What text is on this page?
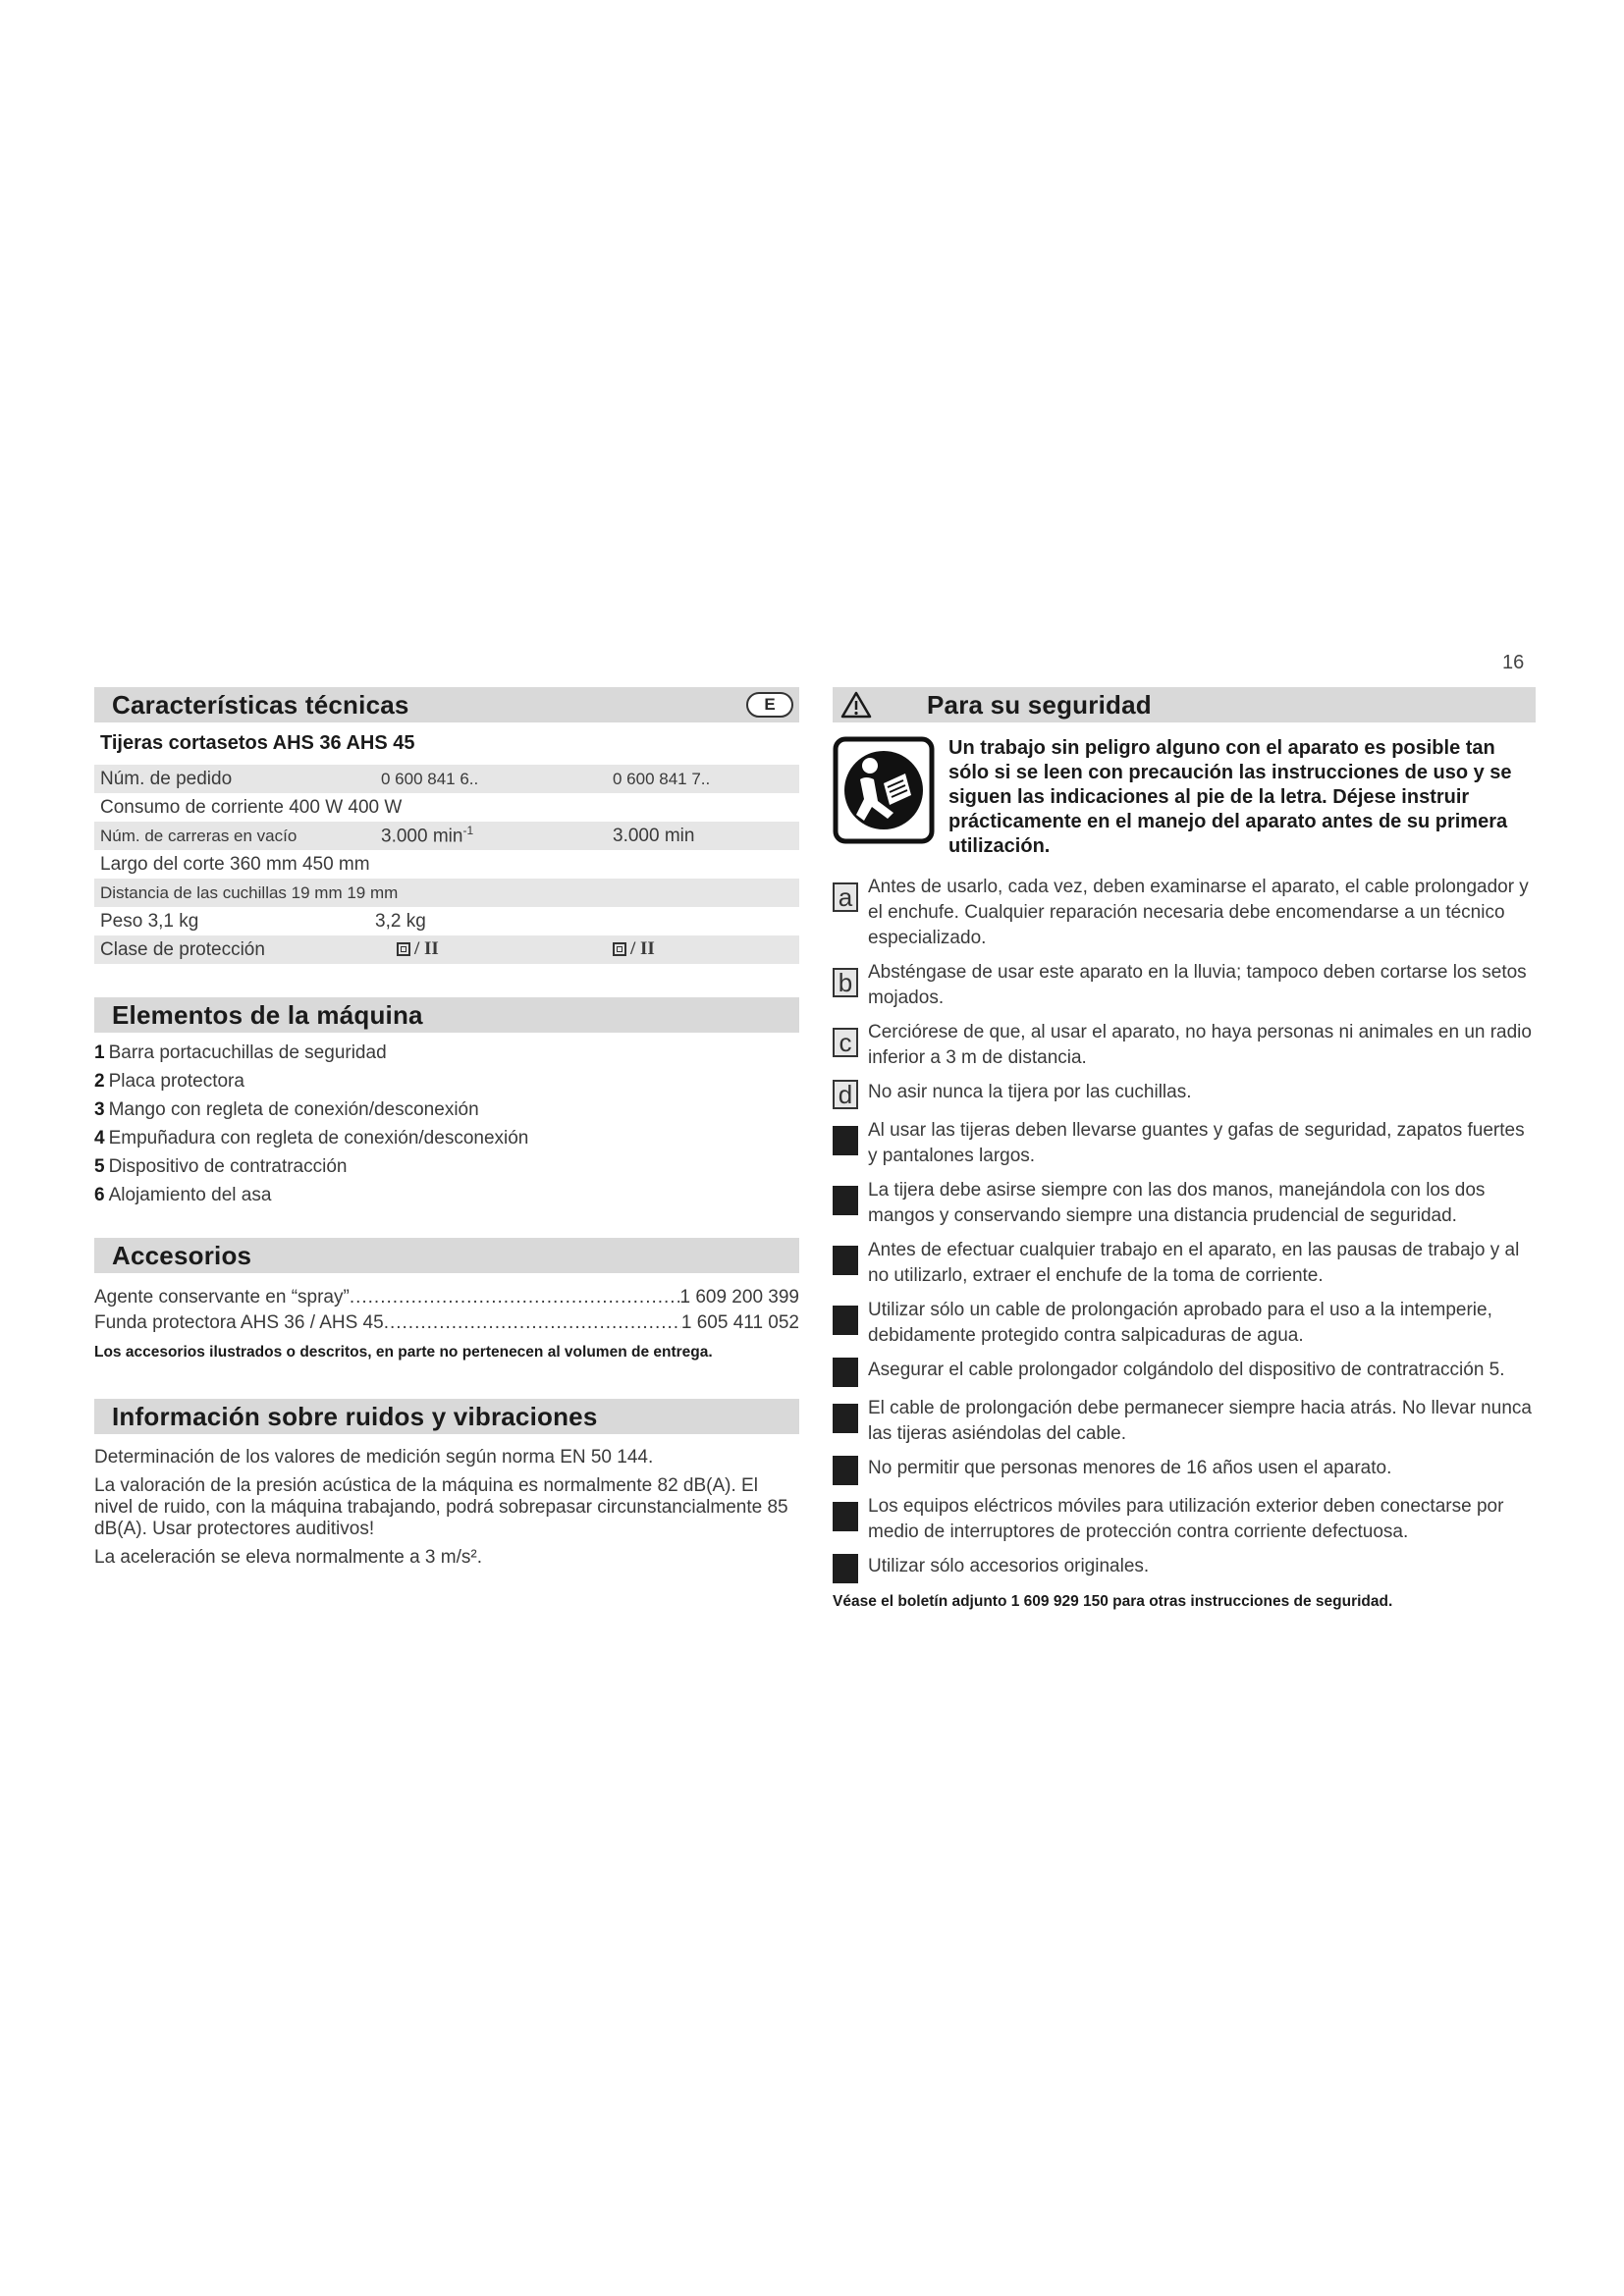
16
Características técnicas	E
Tijeras cortasetos AHS 36 AHS 45
Núm. de pedido	0 600 841 6..	0 600 841 7..
Consumo de corriente 400 W 400 W		
Núm. de carreras en vacío	3.000 $\min^{-1}$	3.000 min
Largo del corte 360 mm 450 mm		
Distancia de las cuchillas 19 mm 19 mm		
Peso 3,1 kg	3,2 kg	
Clase de protección	/ II	/ II
Elementos de la máquina
1 Barra portacuchillas de seguridad
2 Placa protectora
3 Mango con regleta de conexión/desconexión
4 Empuñadura con regleta de conexión/desconexión
5 Dispositivo de contratracción
6 Alojamiento del asa
Accesorios
Agente conservante en “spray” .....	1 609 200 399
Funda protectora AHS 36 / AHS 45 .....	1 605 411 052
Los accesorios ilustrados o descritos, en parte no pertenecen al volumen de entrega.
Información sobre ruidos y vibraciones

Determinación de los valores de medición según norma EN 50 144.

La valoración de la presión acústica de la máquina es normalmente 82 dB(A). El nivel de ruido, con la máquina trabajando, podrá sobrepasar circunstancialmente 85 dB(A). Usar protectores auditivos!

La aceleración se eleva normalmente a 3 m/s².

Para su seguridad
Un trabajo sin peligro alguno con el aparato es posible tan sólo si se leen con precaución las instrucciones de uso y se siguen las indicaciones al pie de la letra. Déjese instruir prácticamente en el manejo del aparato antes de su primera utilización.
a Antes de usarlo, cada vez, deben examinarse el aparato, el cable prolongador y el enchufe. Cualquier reparación necesaria debe encomendarse a un técnico especializado.
b Absténgase de usar este aparato en la lluvia; tampoco deben cortarse los setos mojados.
c Cerciórese de que, al usar el aparato, no haya personas ni animales en un radio inferior a 3 m de distancia.
d No asir nunca la tijera por las cuchillas.
Al usar las tijeras deben llevarse guantes y gafas de seguridad, zapatos fuertes y pantalones largos.
La tijera debe asirse siempre con las dos manos, manejándola con los dos mangos y conservando siempre una distancia prudencial de seguridad.
Antes de efectuar cualquier trabajo en el aparato, en las pausas de trabajo y al no utilizarlo, extraer el enchufe de la toma de corriente.
Utilizar sólo un cable de prolongación aprobado para el uso a la intemperie, debidamente protegido contra salpicaduras de agua.
Asegurar el cable prolongador colgándolo del dispositivo de contratracción 5.
El cable de prolongación debe permanecer siempre hacia atrás. No llevar nunca las tijeras asiéndolas del cable.
No permitir que personas menores de 16 años usen el aparato.
Los equipos eléctricos móviles para utilización exterior deben conectarse por medio de interruptores de protección contra corriente defectuosa.
Utilizar sólo accesorios originales.
Véase el boletín adjunto 1 609 929 150 para otras instrucciones de seguridad.
